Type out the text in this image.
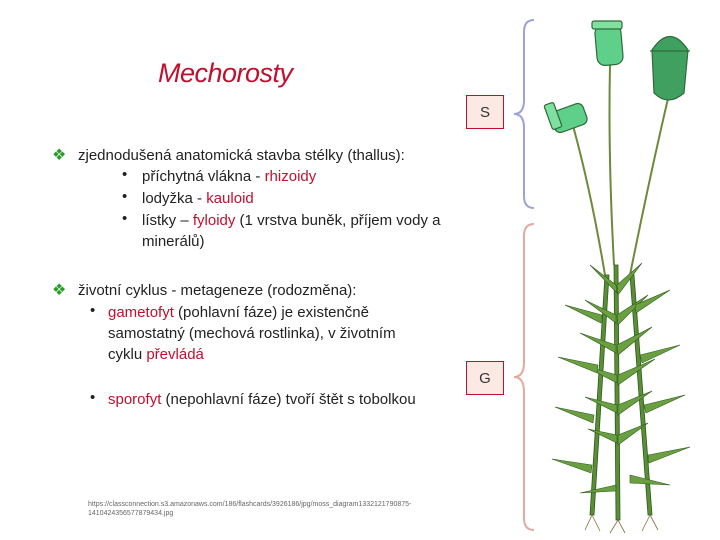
Mechorosty
S
G
❖ zjednodušená anatomická stavba stélky (thallus):
• příchytná vlákna - rhizoidy
• lodyžka - kauloid
• lístky – fyloidy (1 vrstva buněk, příjem vody a
minerálů)
❖ životní cyklus - metageneze (rodozměna):
• gametofyt (pohlavní fáze) je existenčně
samostatný (mechová rostlinka), v životním
cyklu převládá
• sporofyt (nepohlavní fáze) tvoří štět s tobolkou
https://classconnection.s3.amazonaws.com/186/flashcards/3926186/jpg/moss_diagram1332121790875-1410424356577879434.jpg
